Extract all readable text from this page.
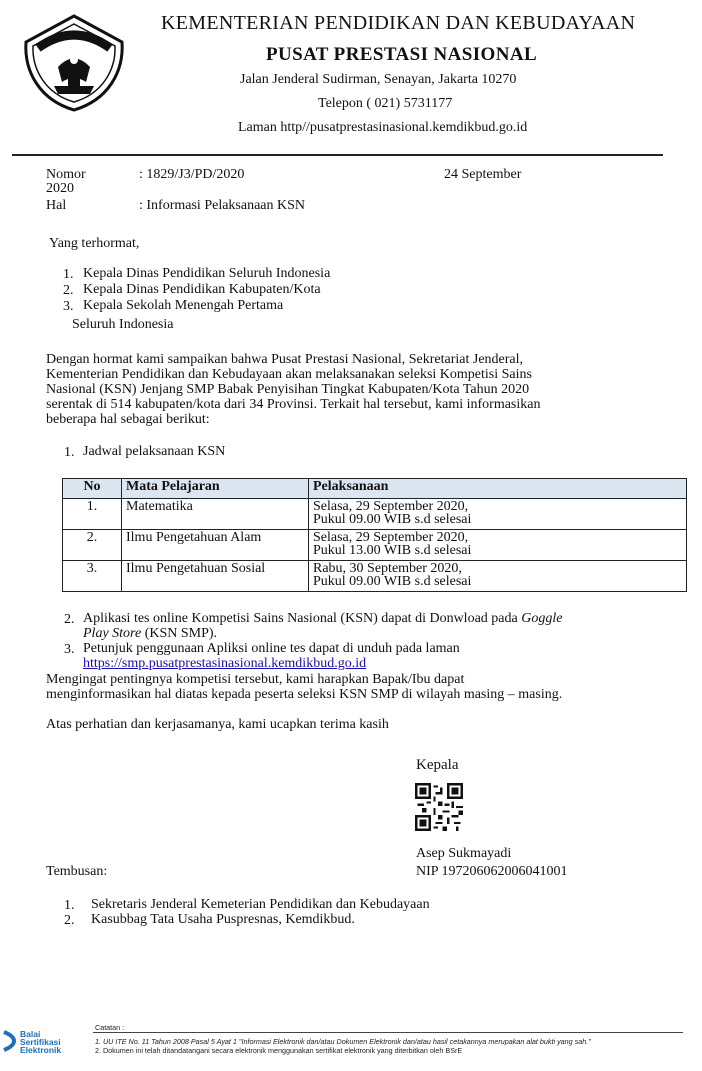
KEMENTERIAN PENDIDIKAN DAN KEBUDAYAAN
PUSAT PRESTASI NASIONAL
Jalan Jenderal Sudirman, Senayan, Jakarta 10270
Telepon ( 021) 5731177
Laman http//pusatprestasinasional.kemdikbud.go.id
Nomor	: 1829/J3/PD/2020	24 September
2020
Hal	: Informasi Pelaksanaan KSN
Yang terhormat,
1. Kepala Dinas Pendidikan Seluruh Indonesia
2. Kepala Dinas Pendidikan Kabupaten/Kota
3. Kepala Sekolah Menengah Pertama
Seluruh Indonesia
Dengan hormat kami sampaikan bahwa Pusat Prestasi Nasional, Sekretariat Jenderal,
Kementerian Pendidikan dan Kebudayaan akan melaksanakan seleksi Kompetisi Sains
Nasional (KSN) Jenjang SMP Babak Penyisihan Tingkat Kabupaten/Kota Tahun 2020
serentak di 514 kabupaten/kota dari 34 Provinsi. Terkait hal tersebut, kami informasikan
beberapa hal sebagai berikut:
1. Jadwal pelaksanaan KSN
No	Mata Pelajaran	Pelaksanaan
1.	Matematika	Selasa, 29 September 2020,
Pukul 09.00 WIB s.d selesai

2.	Ilmu Pengetahuan Alam	Selasa, 29 September 2020,
Pukul 13.00 WIB s.d selesai

3.	Ilmu Pengetahuan Sosial	Rabu, 30 September 2020,
Pukul 09.00 WIB s.d selesai
2. Aplikasi tes online Kompetisi Sains Nasional (KSN) dapat di Donwload pada Goggle
Play Store (KSN SMP).
3. Petunjuk penggunaan Apliksi online tes dapat di unduh pada laman
https://smp.pusatprestasinasional.kemdikbud.go.id
Mengingat pentingnya kompetisi tersebut, kami harapkan Bapak/Ibu dapat
menginformasikan hal diatas kepada peserta seleksi KSN SMP di wilayah masing – masing.
Atas perhatian dan kerjasamanya, kami ucapkan terima kasih
Kepala
Asep Sukmayadi
NIP 197206062006041001
Tembusan:
1. Sekretaris Jenderal Kemeterian Pendidikan dan Kebudayaan
2. Kasubbag Tata Usaha Puspresnas, Kemdikbud.
Balai
Sertifikasi
Elektronik
Catatan :
1. UU ITE No. 11 Tahun 2008 Pasal 5 Ayat 1 "Informasi Elektronik dan/atau Dokumen Elektronik dan/atau hasil cetakannya merupakan alat bukti yang sah."
2. Dokumen ini telah ditandatangani secara elektronik menggunakan sertifikat elektronik yang diterbitkan oleh BSrE
